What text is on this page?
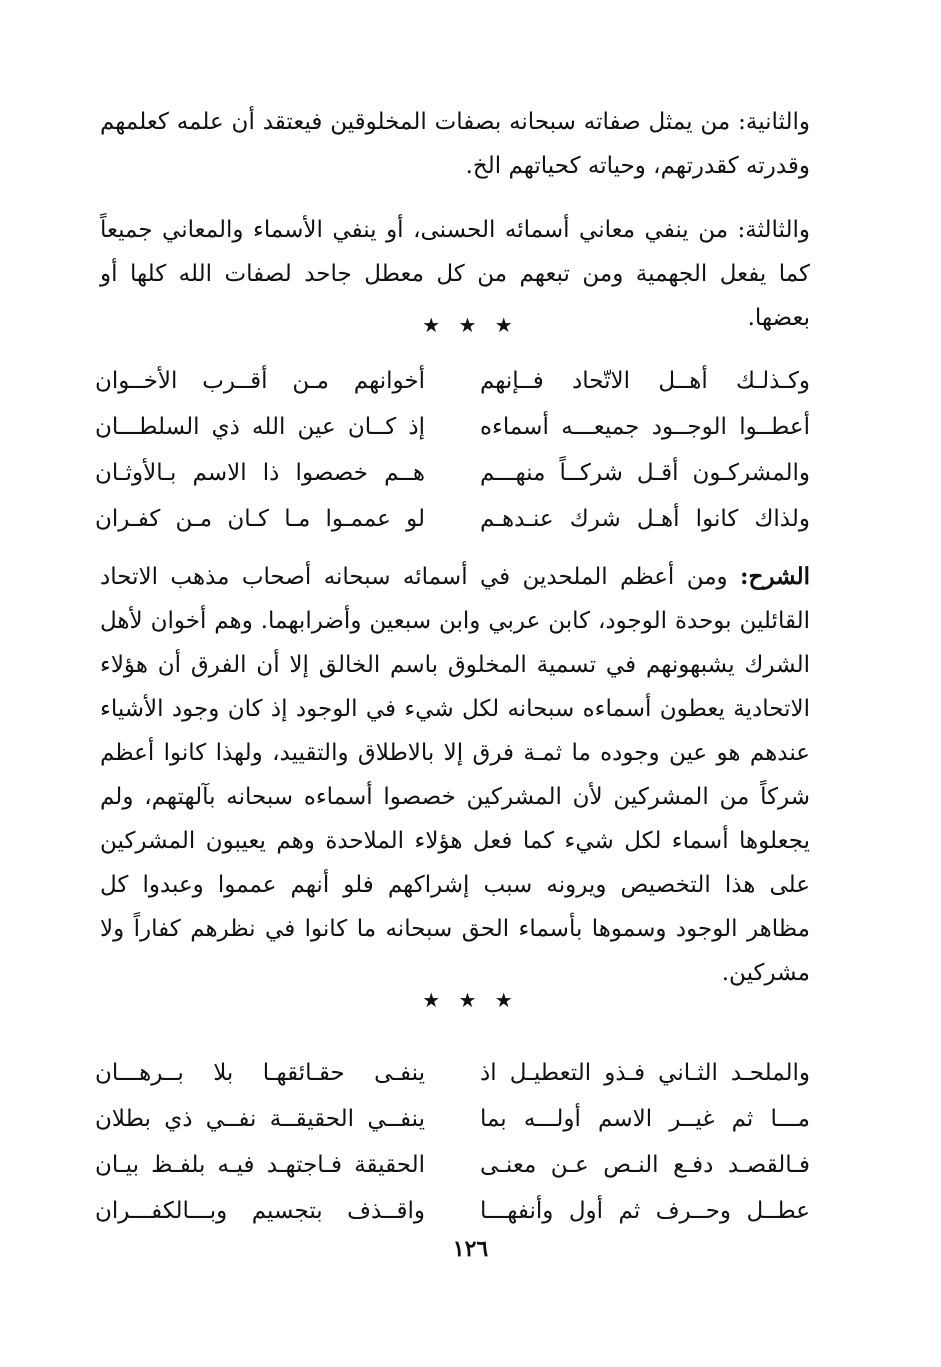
والثانية: من يمثل صفاته سبحانه بصفات المخلوقين فيعتقد أن علمه كعلمهم وقدرته كقدرتهم، وحياته كحياتهم الخ.

والثالثة: من ينفي معاني أسمائه الحسنى، أو ينفي الأسماء والمعاني جميعاً كما يفعل الجهمية ومن تبعهم من كل معطل جاحد لصفات الله كلها أو بعضها.

★ ★ ★
وكـذلـك أهــل الاتّحاد فــإنهم
أخوانهم مـن أقــرب الأخــوان
أعطــوا الوجــود جميعـــه أسماءه
إذ كــان عين الله ذي السلطـــان
والمشركـون أقـل شركــاً منهـــم
هــم خصصوا ذا الاسم بـالأوثـان
ولذاك كانوا أهـل شرك عنـدهـم
لو عممـوا مـا كـان مـن كفـران

الشرح: ومن أعظم الملحدين في أسمائه سبحانه أصحاب مذهب الاتحاد القائلين بوحدة الوجود، كابن عربي وابن سبعين وأضرابهما. وهم أخوان لأهل الشرك يشبهونهم في تسمية المخلوق باسم الخالق إلا أن الفرق أن هؤلاء الاتحادية يعطون أسماءه سبحانه لكل شيء في الوجود إذ كان وجود الأشياء عندهم هو عين وجوده ما ثمـة فرق إلا بالاطلاق والتقييد، ولهذا كانوا أعظم شركاً من المشركين لأن المشركين خصصوا أسماءه سبحانه بآلهتهم، ولم يجعلوها أسماء لكل شيء كما فعل هؤلاء الملاحدة وهم يعيبون المشركين على هذا التخصيص ويرونه سبب إشراكهم فلو أنهم عمموا وعبدوا كل مظاهر الوجود وسموها بأسماء الحق سبحانه ما كانوا في نظرهم كفاراً ولا مشركين.

★ ★ ★
والملحـد الثـاني فـذو التعطيـل اذ
ينفـى حقـائقهـا بلا بــرهـــان
مـــا ثم غيــر الاسم أولـــه بما
ينفــي الحقيقــة نفــي ذي بطلان
فـالقصـد دفـع النـص عـن معنـى
الحقيقة فـاجتهـد فيـه بلفـظ بيـان
عطــل وحــرف ثم أول وأنفهـــا
واقــذف بتجسيم وبـــالكفـــران
١٢٦
